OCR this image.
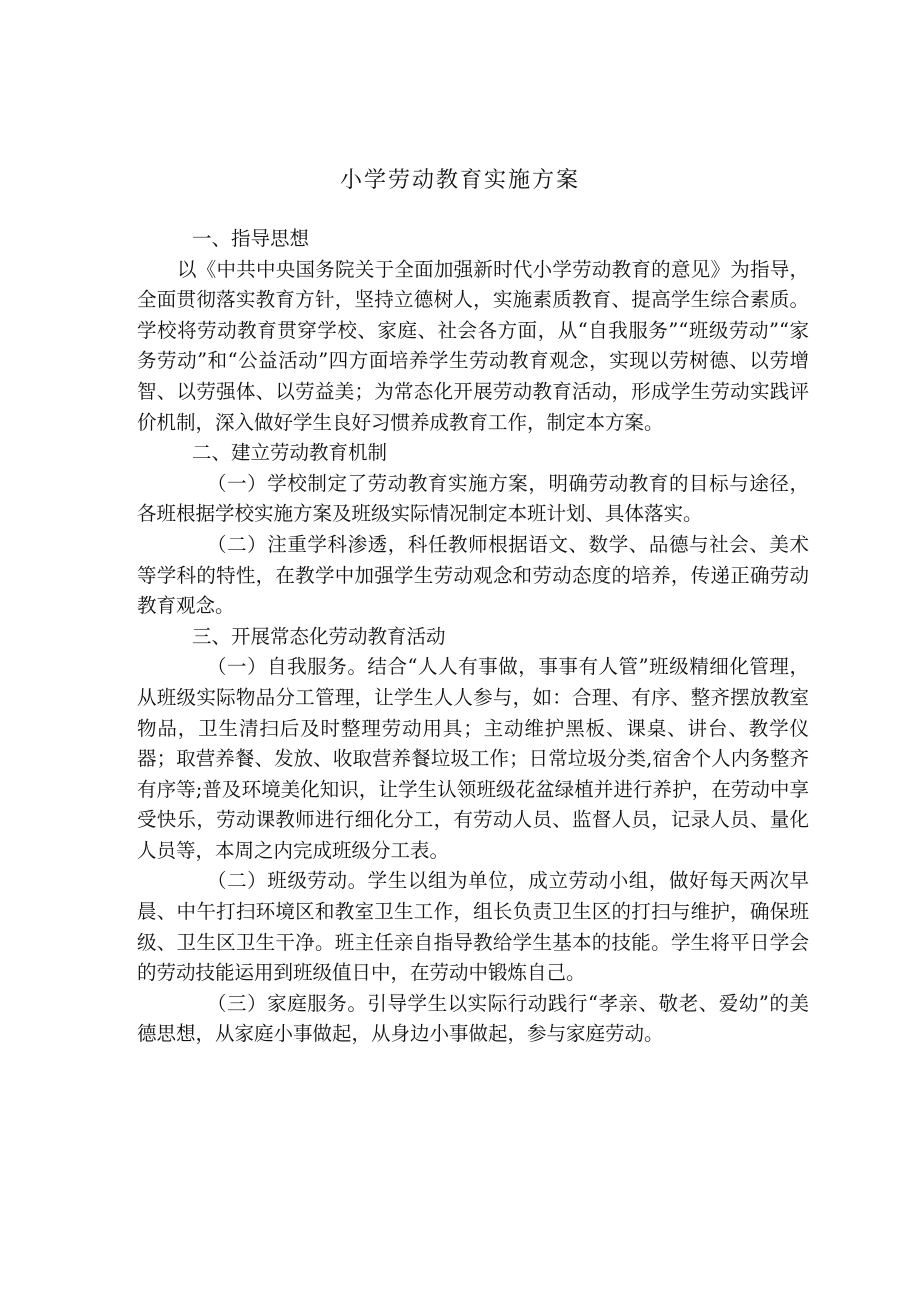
小学劳动教育实施方案

一、指导思想

以《中共中央国务院关于全面加强新时代小学劳动教育的意见》为指导，全面贯彻落实教育方针，坚持立德树人，实施素质教育、提高学生综合素质。学校将劳动教育贯穿学校、家庭、社会各方面，从“自我服务”“班级劳动”“家务劳动”和“公益活动”四方面培养学生劳动教育观念，实现以劳树德、以劳增智、以劳强体、以劳益美；为常态化开展劳动教育活动，形成学生劳动实践评价机制，深入做好学生良好习惯养成教育工作，制定本方案。

二、建立劳动教育机制

（一）学校制定了劳动教育实施方案，明确劳动教育的目标与途径，各班根据学校实施方案及班级实际情况制定本班计划、具体落实。

（二）注重学科渗透，科任教师根据语文、数学、品德与社会、美术等学科的特性，在教学中加强学生劳动观念和劳动态度的培养，传递正确劳动教育观念。

三、开展常态化劳动教育活动

（一）自我服务。结合“人人有事做，事事有人管”班级精细化管理，从班级实际物品分工管理，让学生人人参与，如：合理、有序、整齐摆放教室物品，卫生清扫后及时整理劳动用具；主动维护黑板、课桌、讲台、教学仪器；取营养餐、发放、收取营养餐垃圾工作；日常垃圾分类,宿舍个人内务整齐有序等;普及环境美化知识，让学生认领班级花盆绿植并进行养护，在劳动中享受快乐，劳动课教师进行细化分工，有劳动人员、监督人员，记录人员、量化人员等，本周之内完成班级分工表。

（二）班级劳动。学生以组为单位，成立劳动小组，做好每天两次早晨、中午打扫环境区和教室卫生工作，组长负责卫生区的打扫与维护，确保班级、卫生区卫生干净。班主任亲自指导教给学生基本的技能。学生将平日学会的劳动技能运用到班级值日中，在劳动中锻炼自己。

（三）家庭服务。引导学生以实际行动践行“孝亲、敬老、爱幼”的美德思想，从家庭小事做起，从身边小事做起，参与家庭劳动。
